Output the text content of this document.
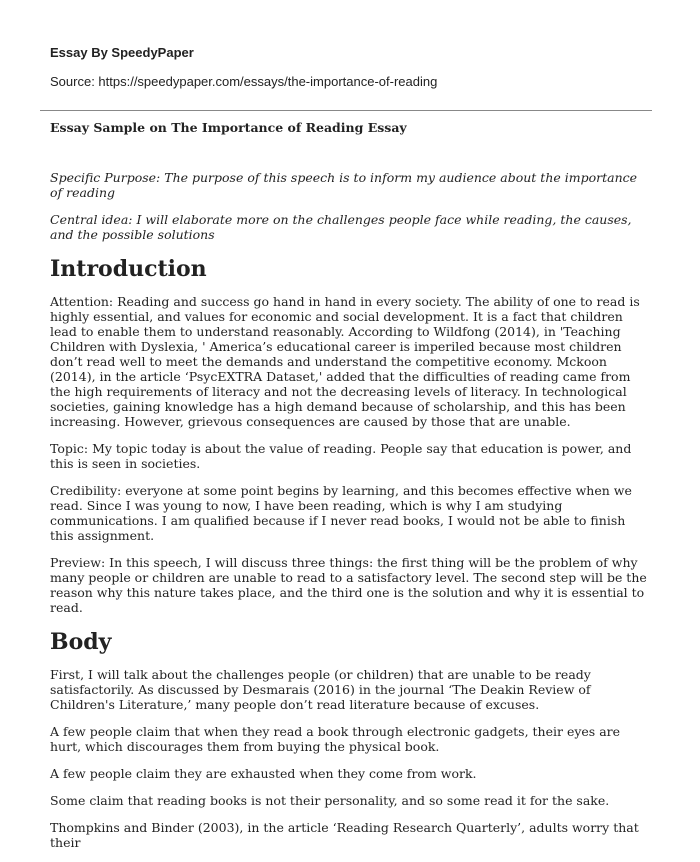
Essay By SpeedyPaper

Source: https://speedypaper.com/essays/the-importance-of-reading

Essay Sample on The Importance of Reading Essay

Specific Purpose: The purpose of this speech is to inform my audience about the importance of reading

Central idea: I will elaborate more on the challenges people face while reading, the causes, and the possible solutions

Introduction

Attention: Reading and success go hand in hand in every society. The ability of one to read is highly essential, and values for economic and social development. It is a fact that children lead to enable them to understand reasonably. According to Wildfong (2014), in 'Teaching Children with Dyslexia, ' America’s educational career is imperiled because most children don’t read well to meet the demands and understand the competitive economy. Mckoon (2014), in the article ‘PsycEXTRA Dataset,' added that the difficulties of reading came from the high requirements of literacy and not the decreasing levels of literacy. In technological societies, gaining knowledge has a high demand because of scholarship, and this has been increasing. However, grievous consequences are caused by those that are unable.

Topic: My topic today is about the value of reading. People say that education is power, and this is seen in societies.

Credibility: everyone at some point begins by learning, and this becomes effective when we read. Since I was young to now, I have been reading, which is why I am studying communications. I am qualified because if I never read books, I would not be able to finish this assignment.

Preview: In this speech, I will discuss three things: the first thing will be the problem of why many people or children are unable to read to a satisfactory level. The second step will be the reason why this nature takes place, and the third one is the solution and why it is essential to read.

Body

First, I will talk about the challenges people (or children) that are unable to be ready satisfactorily. As discussed by Desmarais (2016) in the journal ‘The Deakin Review of Children's Literature,’ many people don’t read literature because of excuses.

A few people claim that when they read a book through electronic gadgets, their eyes are hurt, which discourages them from buying the physical book.

A few people claim they are exhausted when they come from work.

Some claim that reading books is not their personality, and so some read it for the sake.

Thompkins and Binder (2003), in the article ‘Reading Research Quarterly’, adults worry that their
